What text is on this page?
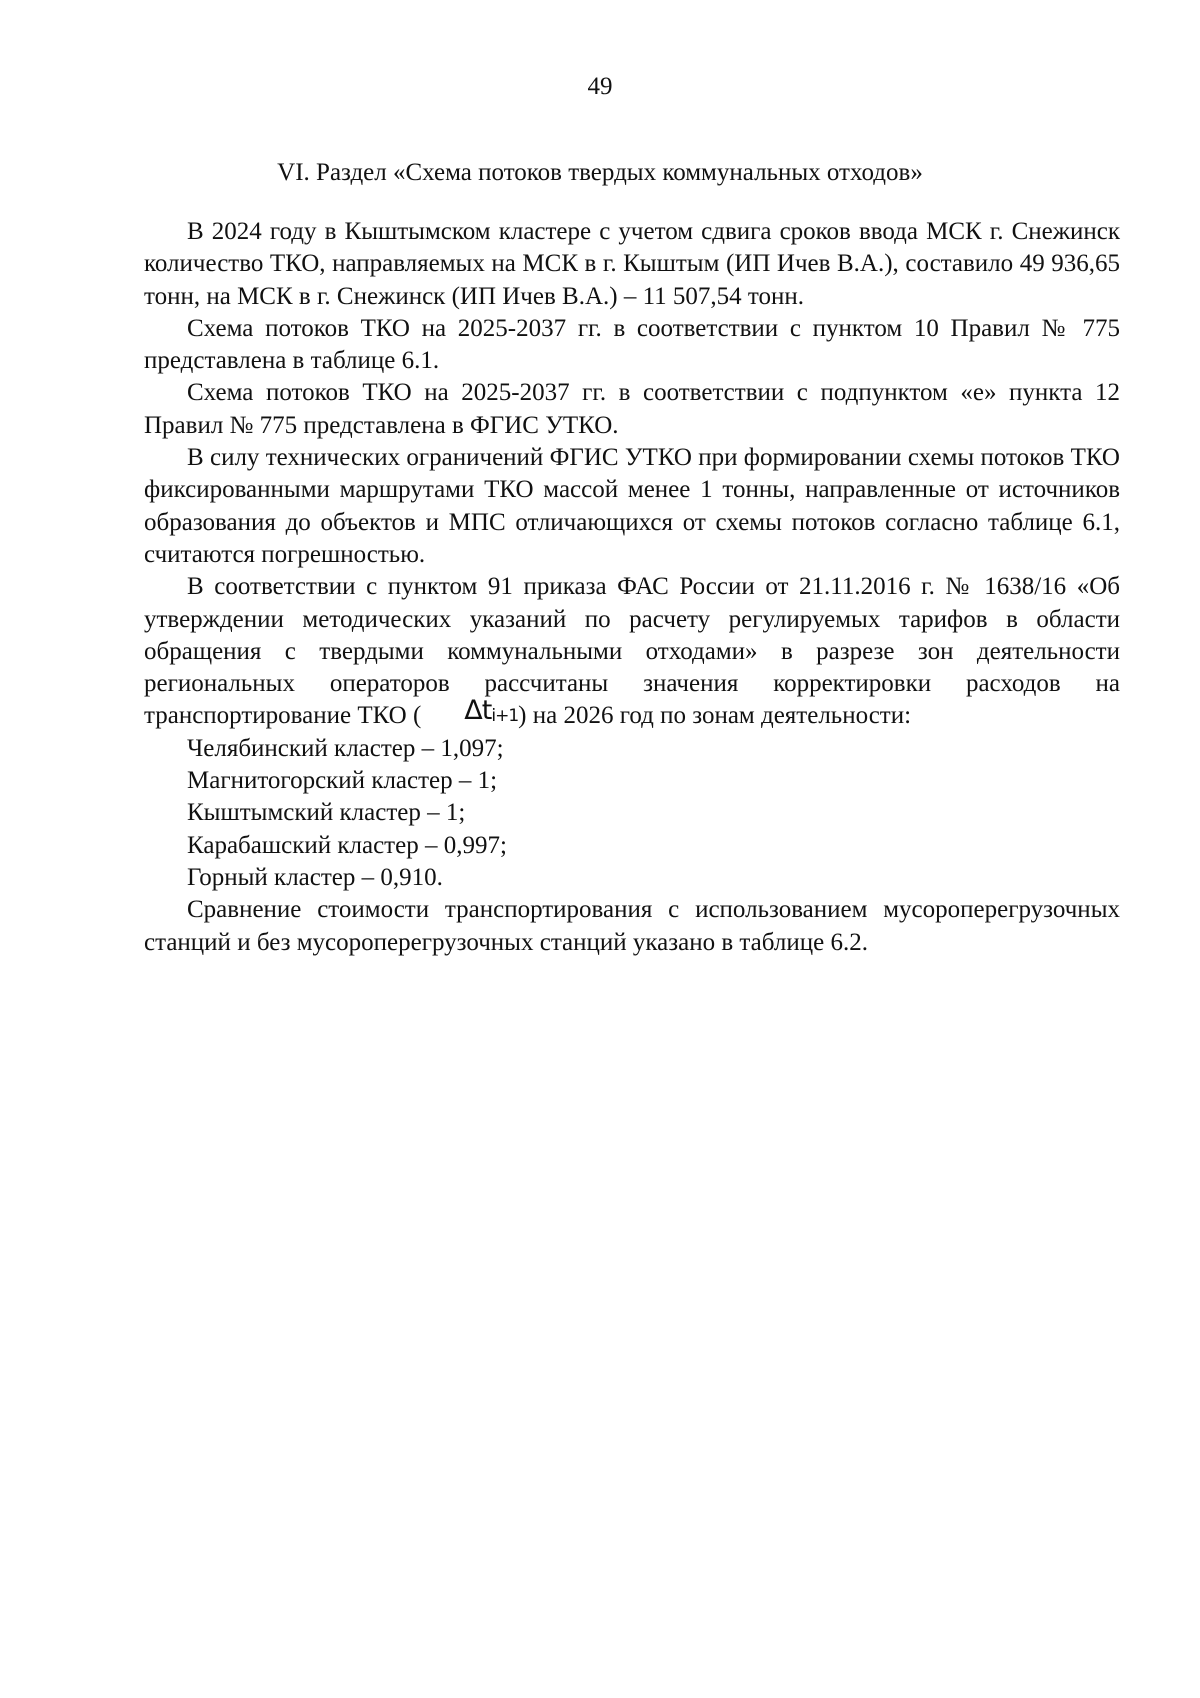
49
VI. Раздел «Схема потоков твердых коммунальных отходов»

В 2024 году в Кыштымском кластере с учетом сдвига сроков ввода МСК г. Снежинск количество ТКО, направляемых на МСК в г. Кыштым (ИП Ичев В.А.), составило 49 936,65 тонн, на МСК в г. Снежинск (ИП Ичев В.А.) – 11 507,54 тонн.

Схема потоков ТКО на 2025-2037 гг. в соответствии с пунктом 10 Правил № 775 представлена в таблице 6.1.

Схема потоков ТКО на 2025-2037 гг. в соответствии с подпунктом «е» пункта 12 Правил № 775 представлена в ФГИС УТКО.

В силу технических ограничений ФГИС УТКО при формировании схемы потоков ТКО фиксированными маршрутами ТКО массой менее 1 тонны, направленные от источников образования до объектов и МПС отличающихся от схемы потоков согласно таблице 6.1, считаются погрешностью.

В соответствии с пунктом 91 приказа ФАС России от 21.11.2016 г. № 1638/16 «Об утверждении методических указаний по расчету регулируемых тарифов в области обращения с твердыми коммунальными отходами» в разрезе зон деятельности региональных операторов рассчитаны значения корректировки расходов на транспортирование ТКО ( $\Delta t_{i+1}$) на 2026 год по зонам деятельности:

Челябинский кластер – 1,097;

Магнитогорский кластер – 1;

Кыштымский кластер – 1;

Карабашский кластер – 0,997;

Горный кластер – 0,910.

Сравнение стоимости транспортирования с использованием мусороперегрузочных станций и без мусороперегрузочных станций указано в таблице 6.2.
